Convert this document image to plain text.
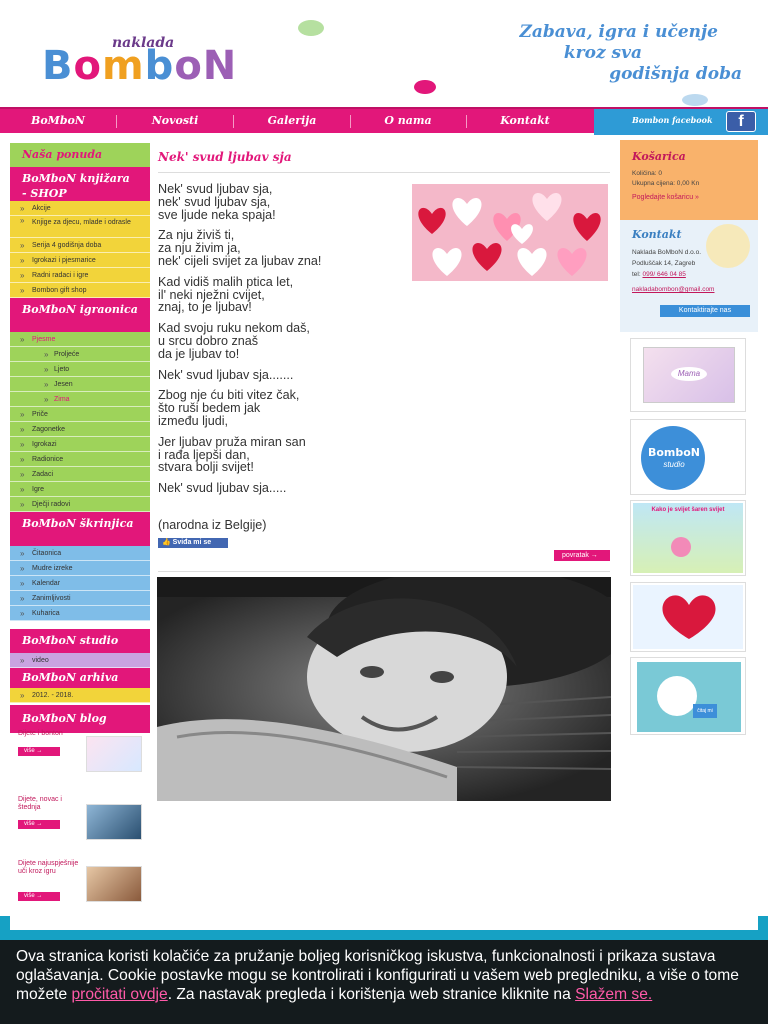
naklada
BomboN
Zabava, igra i učenje
kroz sva
godišnja doba
BoMboN	Novosti	Galerija	O nama	Kontakt	Bombon facebook	f
Naša ponuda
BoMboN knjižara - SHOP
» Akcije
» Knjige za djecu, mlade i odrasle
» Serija 4 godišnja doba
» Igrokazi i pjesmarice
» Radni radaci i igre
» Bombon gift shop
BoMboN igraonica
» Pjesme
» Proljeće
» Ljeto
» Jesen
» Zima
» Priče
» Zagonetke
» Igrokazi
» Radionice
» Zadaci
» Igre
» Dječji radovi
BoMboN škrinjica
» Čitaonica
» Mudre izreke
» Kalendar
» Zanimljivosti
» Kuharica
BoMboN studio
» video
BoMboN arhiva
» 2012. - 2018.
BoMboN blog
Dijete i bonton
više →
Dijete, novac i štednja
više →
Dijete najuspješnije uči kroz igru
više →
Nek' svud ljubav sja

Nek' svud ljubav sja,
nek' svud ljubav sja,
sve ljude neka spaja!

Za nju živiš ti,
za nju živim ja,
nek' cijeli svijet za ljubav zna!

Kad vidiš malih ptica let,
il' neki nježni cvijet,
znaj, to je ljubav!

Kad svoju ruku nekom daš,
u srcu dobro znaš
da je ljubav to!

Nek' svud ljubav sja.......

Zbog nje ću biti vitez čak,
što ruši bedem jak
između ljudi,

Jer ljubav pruža miran san
i rađa ljepši dan,
stvara bolji svijet!

Nek' svud ljubav sja.....

(narodna iz Belgije)
👍 Sviđa mi se
povratak →
Košarica
Količina: 0
Ukupna cijena: 0,00 Kn
Pogledajte košaricu »
Kontakt
Naklada BoMboN d.o.o.
Podluščak 14, Zagreb
tel: 099/ 646 04 85
nakladabombon@gmail.com
Kontaktirajte nas
Mama
BomboN
studio
Kako je svijet šaren svijet
čitaj mi
Ova stranica koristi kolačiće za pružanje boljeg korisničkog iskustva, funkcionalnosti i prikaza sustava oglašavanja. Cookie postavke mogu se kontrolirati i konfigurirati u vašem web pregledniku, a više o tome možete pročitati ovdje. Za nastavak pregleda i korištenja web stranice kliknite na Slažem se.
